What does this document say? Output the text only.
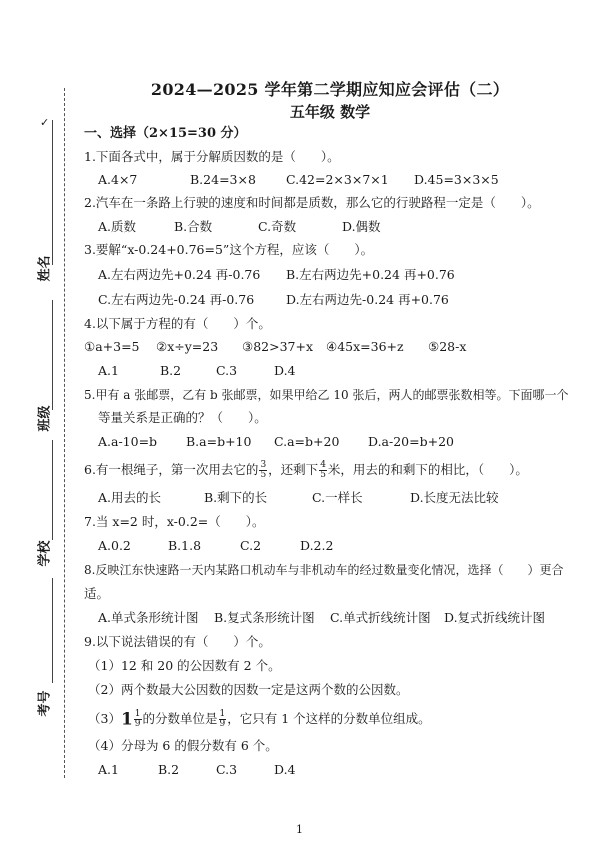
✓
姓名
班级
学校
考号
2024—2025 学年第二学期应知应会评估（二）
五年级 数学
一、选择（2×15=30 分）
1.下面各式中，属于分解质因数的是（　　）。
A.4×7	B.24=3×8 C.42=2×3×7×1 D.45=3×3×5
2.汽车在一条路上行驶的速度和时间都是质数，那么它的行驶路程一定是（　　）。
A.质数	B.合数	C.奇数	D.偶数
3.要解“x-0.24+0.76=5”这个方程，应该（　　）。
A.左右两边先+0.24 再-0.76 B.左右两边先+0.24 再+0.76
C.左右两边先-0.24 再-0.76	D.左右两边先-0.24 再+0.76
4.以下属于方程的有（　　）个。
①a+3=5 ②x÷y=23 ③82>37+x ④45x=36+z ⑤28-x
A.1	B.2	C.3	D.4
5.甲有 a 张邮票，乙有 b 张邮票，如果甲给乙 10 张后，两人的邮票张数相等。下面哪一个
等量关系是正确的？（　　）。
A.a-10=b B.a=b+10 C.a=b+20 D.a-20=b+20
6.有一根绳子，第一次用去它的 $\frac{3}{5}$ ，还剩下 $\frac{4}{5}$ 米，用去的和剩下的相比，（　　）。
A.用去的长	B.剩下的长	C.一样长	D.长度无法比较
7.当 x=2 时，x-0.2=（　　）。
A.0.2	B.1.8	C.2	D.2.2
8.反映江东快速路一天内某路口机动车与非机动车的经过数量变化情况，选择（　　）更合
适。
A.单式条形统计图 B.复式条形统计图 C.单式折线统计图 D.复式折线统计图
9.以下说法错误的有（　　）个。
（1）12 和 20 的公因数有 2 个。
（2）两个数最大公因数的因数一定是这两个数的公因数。
$(3)1 \frac{1}{9}$ 的分数单位是 $\frac{1}{9}$ ，它只有 1 个这样的分数单位组成。
（4）分母为 6 的假分数有 6 个。
A.1	B.2	C.3	D.4
1
